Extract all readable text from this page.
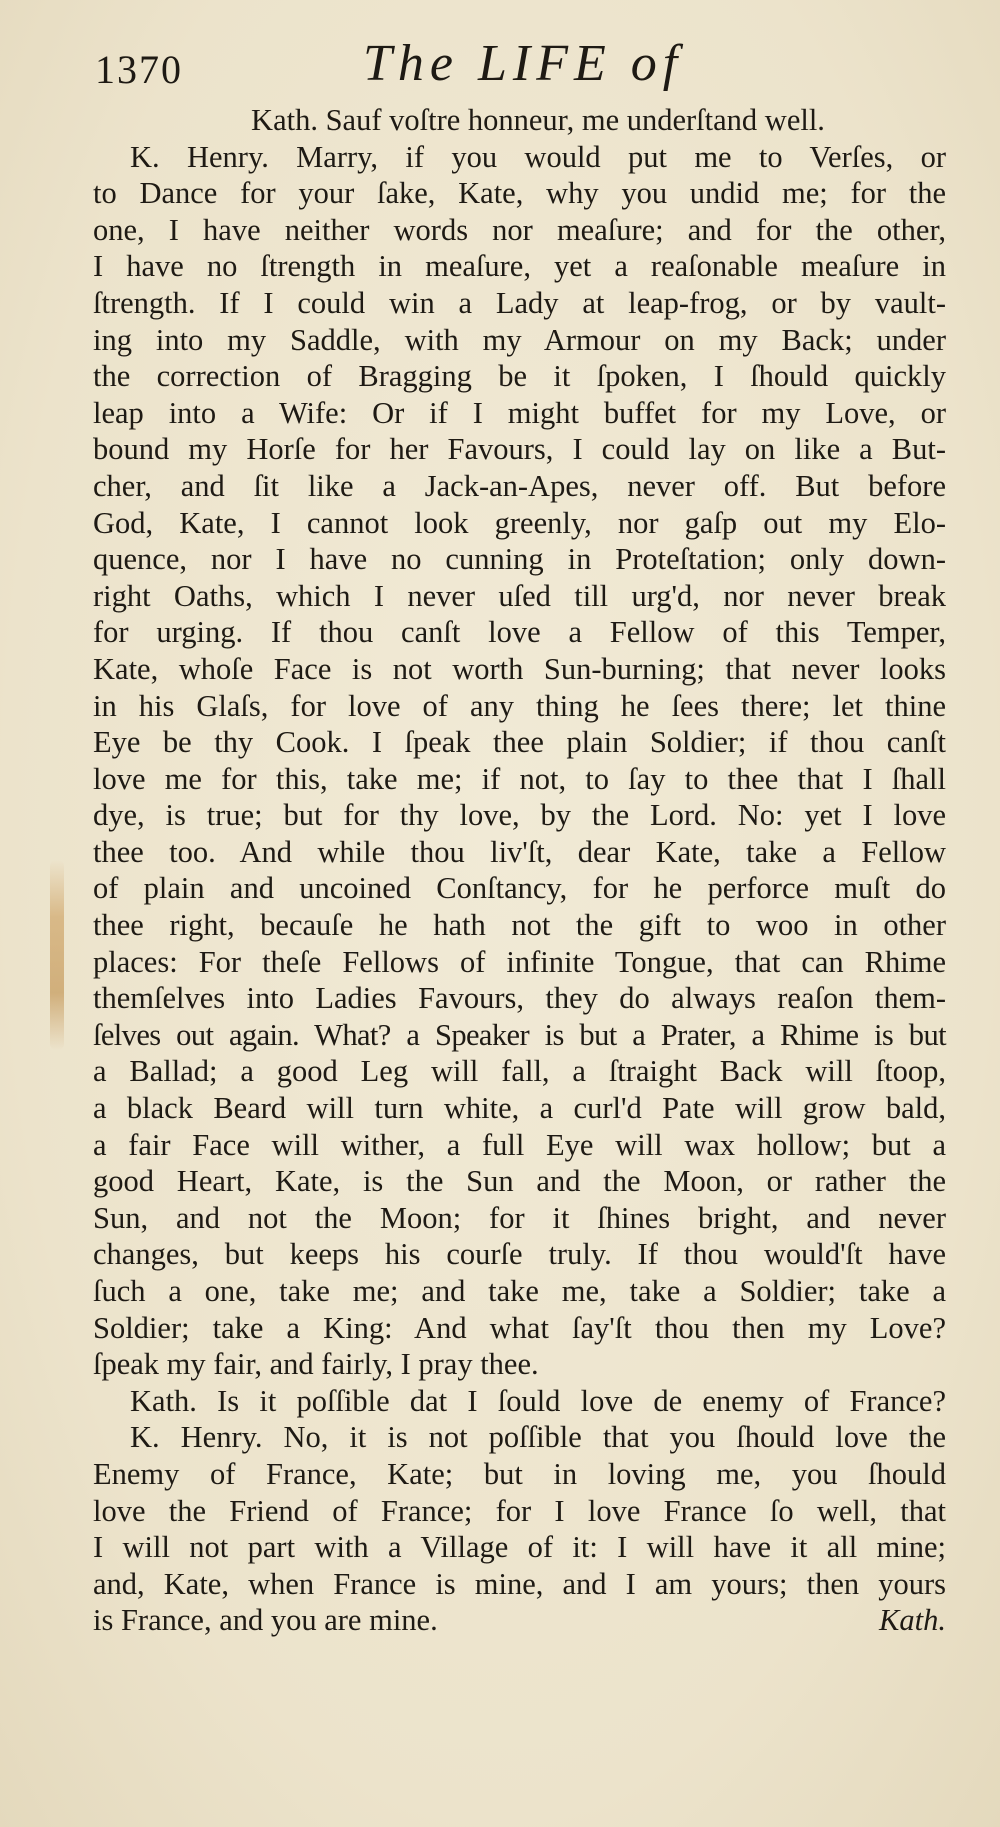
1370	The LIFE of
Kath. Sauf voſtre honneur, me underſtand well.
K. Henry. Marry, if you would put me to Verſes, or
to Dance for your ſake, Kate, why you undid me; for the
one, I have neither words nor meaſure; and for the other,
I have no ſtrength in meaſure, yet a reaſonable meaſure in
ſtrength. If I could win a Lady at leap-frog, or by vault-
ing into my Saddle, with my Armour on my Back; under
the correction of Bragging be it ſpoken, I ſhould quickly
leap into a Wife: Or if I might buffet for my Love, or
bound my Horſe for her Favours, I could lay on like a But-
cher, and ſit like a Jack-an-Apes, never off. But before
God, Kate, I cannot look greenly, nor gaſp out my Elo-
quence, nor I have no cunning in Proteſtation; only down-
right Oaths, which I never uſed till urg'd, nor never break
for urging. If thou canſt love a Fellow of this Temper,
Kate, whoſe Face is not worth Sun-burning; that never looks
in his Glaſs, for love of any thing he ſees there; let thine
Eye be thy Cook. I ſpeak thee plain Soldier; if thou canſt
love me for this, take me; if not, to ſay to thee that I ſhall
dye, is true; but for thy love, by the Lord. No: yet I love
thee too. And while thou liv'ſt, dear Kate, take a Fellow
of plain and uncoined Conſtancy, for he perforce muſt do
thee right, becauſe he hath not the gift to woo in other
places: For theſe Fellows of infinite Tongue, that can Rhime
themſelves into Ladies Favours, they do always reaſon them-
ſelves out again. What? a Speaker is but a Prater, a Rhime is but
a Ballad; a good Leg will fall, a ſtraight Back will ſtoop,
a black Beard will turn white, a curl'd Pate will grow bald,
a fair Face will wither, a full Eye will wax hollow; but a
good Heart, Kate, is the Sun and the Moon, or rather the
Sun, and not the Moon; for it ſhines bright, and never
changes, but keeps his courſe truly. If thou would'ſt have
ſuch a one, take me; and take me, take a Soldier; take a
Soldier; take a King: And what ſay'ſt thou then my Love?
ſpeak my fair, and fairly, I pray thee.
Kath. Is it poſſible dat I ſould love de enemy of France?
K. Henry. No, it is not poſſible that you ſhould love the
Enemy of France, Kate; but in loving me, you ſhould
love the Friend of France; for I love France ſo well, that
I will not part with a Village of it: I will have it all mine;
and, Kate, when France is mine, and I am yours; then yours
is France, and you are mine.	Kath.
